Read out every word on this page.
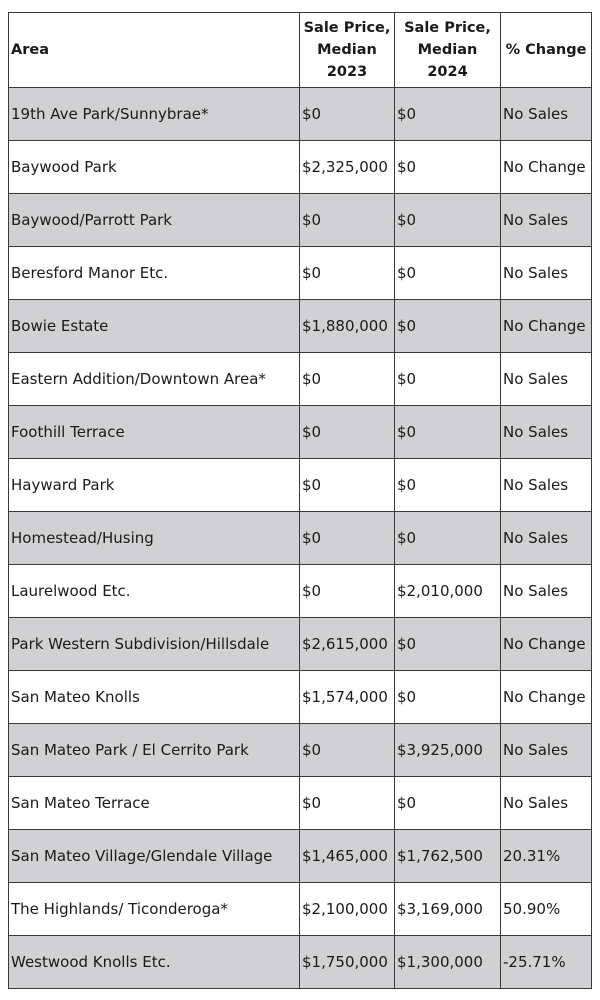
Area	Sale Price, Median 2023	Sale Price, Median 2024	% Change
19th Ave Park/Sunnybrae*	$0	$0	No Sales
Baywood Park	$2,325,000	$0	No Change
Baywood/Parrott Park	$0	$0	No Sales
Beresford Manor Etc.	$0	$0	No Sales
Bowie Estate	$1,880,000	$0	No Change
Eastern Addition/Downtown Area*	$0	$0	No Sales
Foothill Terrace	$0	$0	No Sales
Hayward Park	$0	$0	No Sales
Homestead/Husing	$0	$0	No Sales
Laurelwood Etc.	$0	$2,010,000	No Sales
Park Western Subdivision/Hillsdale	$2,615,000	$0	No Change
San Mateo Knolls	$1,574,000	$0	No Change
San Mateo Park / El Cerrito Park	$0	$3,925,000	No Sales
San Mateo Terrace	$0	$0	No Sales
San Mateo Village/Glendale Village	$1,465,000	$1,762,500	20.31%
The Highlands/ Ticonderoga*	$2,100,000	$3,169,000	50.90%
Westwood Knolls Etc.	$1,750,000	$1,300,000	-25.71%
